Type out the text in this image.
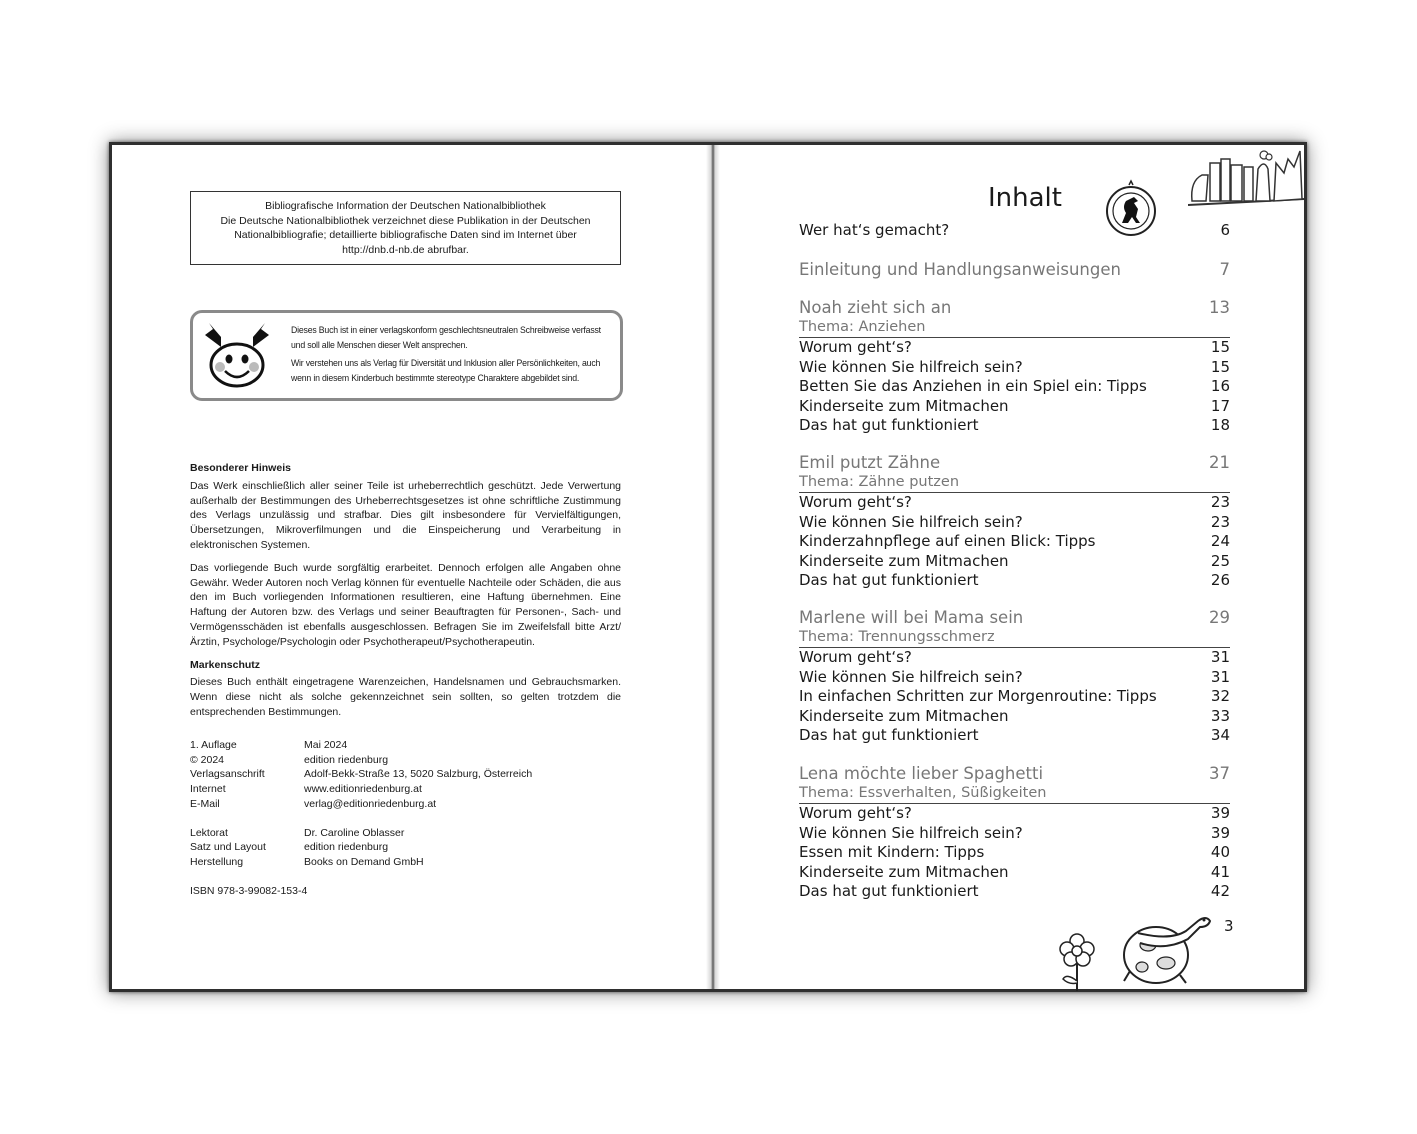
Bibliografische Information der Deutschen Nationalbibliothek
Die Deutsche Nationalbibliothek verzeichnet diese Publikation in der Deutschen
Nationalbibliografie; detaillierte bibliografische Daten sind im Internet über
http://dnb.d-nb.de abrufbar.

Dieses Buch ist in einer verlagskonform geschlechtsneutralen Schreibweise verfasst
und soll alle Menschen dieser Welt ansprechen.

Wir verstehen uns als Verlag für Diversität und Inklusion aller Persönlichkeiten, auch
wenn in diesem Kinderbuch bestimmte stereotype Charaktere abgebildet sind.

Besonderer Hinweis

Das Werk einschließlich aller seiner Teile ist urheberrechtlich geschützt. Jede Verwertung außerhalb der Bestimmungen des Urheberrechtsgesetzes ist ohne schriftliche Zustimmung des Verlags unzulässig und strafbar. Dies gilt insbesondere für Vervielfältigungen, Übersetzungen, Mikroverfilmungen und die Einspeicherung und Verarbeitung in elektronischen Systemen.

Das vorliegende Buch wurde sorgfältig erarbeitet. Dennoch erfolgen alle Angaben ohne Gewähr. Weder Autoren noch Verlag können für eventuelle Nachteile oder Schäden, die aus den im Buch vorliegenden Informationen resultieren, eine Haftung übernehmen. Eine Haftung der Autoren bzw. des Verlags und seiner Beauftragten für Personen-, Sach- und Vermögensschäden ist ebenfalls ausgeschlossen. Befragen Sie im Zweifelsfall bitte Arzt/Ärztin, Psychologe/Psychologin oder Psychotherapeut/Psychotherapeutin.

Markenschutz

Dieses Buch enthält eingetragene Warenzeichen, Handelsnamen und Gebrauchsmarken. Wenn diese nicht als solche gekennzeichnet sein sollten, so gelten trotzdem die entsprechenden Bestimmungen.

1. Auflage	Mai 2024
© 2024	edition riedenburg
Verlagsanschrift	Adolf-Bekk-Straße 13, 5020 Salzburg, Österreich
Internet	www.editionriedenburg.at
E-Mail	verlag@editionriedenburg.at
Lektorat	Dr. Caroline Oblasser
Satz und Layout	edition riedenburg
Herstellung	Books on Demand GmbH
ISBN 978-3-99082-153-4
Inhalt
Wer hat‘s gemacht?	6
Einleitung und Handlungsanweisungen	7
Noah zieht sich an	13
Thema: Anziehen
Worum geht‘s?	15
Wie können Sie hilfreich sein?	15
Betten Sie das Anziehen in ein Spiel ein: Tipps	16
Kinderseite zum Mitmachen	17
Das hat gut funktioniert	18
Emil putzt Zähne	21
Thema: Zähne putzen
Worum geht‘s?	23
Wie können Sie hilfreich sein?	23
Kinderzahnpflege auf einen Blick: Tipps	24
Kinderseite zum Mitmachen	25
Das hat gut funktioniert	26
Marlene will bei Mama sein	29
Thema: Trennungsschmerz
Worum geht‘s?	31
Wie können Sie hilfreich sein?	31
In einfachen Schritten zur Morgenroutine: Tipps	32
Kinderseite zum Mitmachen	33
Das hat gut funktioniert	34
Lena möchte lieber Spaghetti	37
Thema: Essverhalten, Süßigkeiten
Worum geht‘s?	39
Wie können Sie hilfreich sein?	39
Essen mit Kindern: Tipps	40
Kinderseite zum Mitmachen	41
Das hat gut funktioniert	42
3
